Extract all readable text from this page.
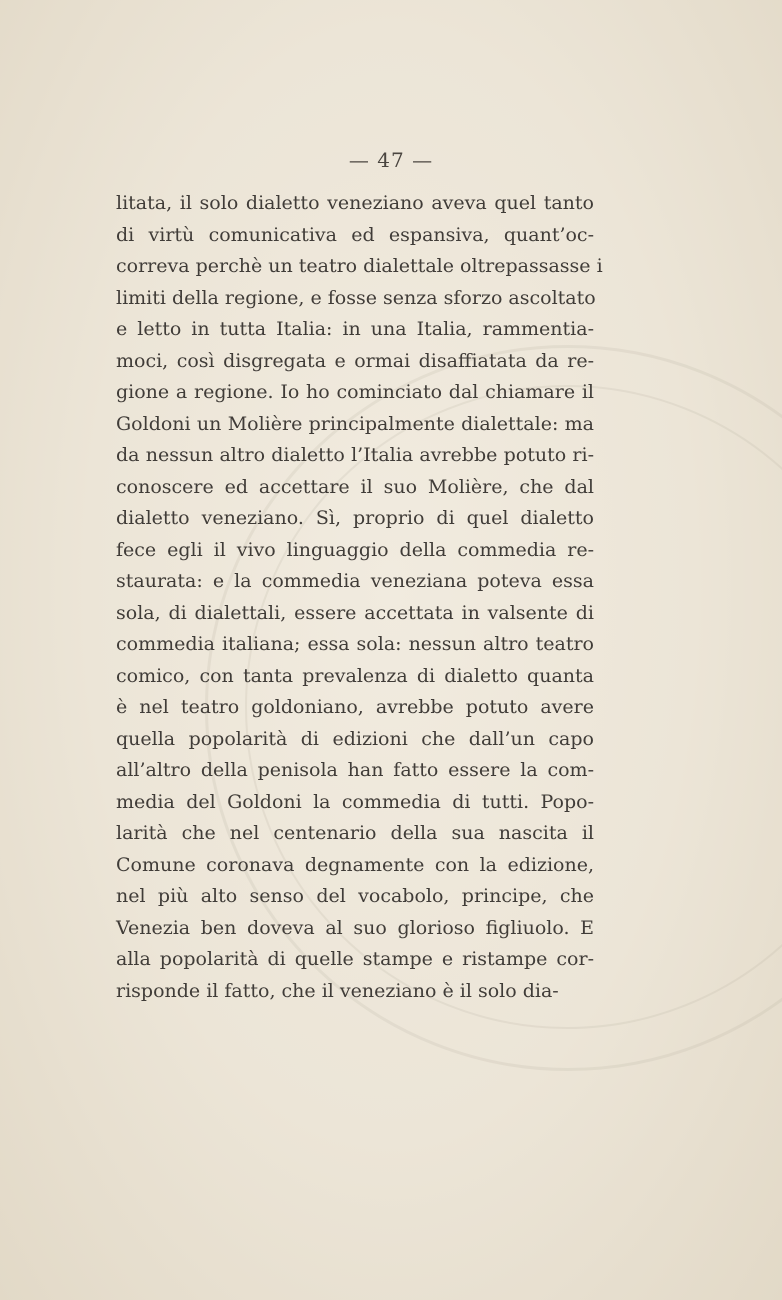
— 47 —
litata, il solo dialetto veneziano aveva quel tanto
di virtù comunicativa ed espansiva, quant’oc-
correva perchè un teatro dialettale oltrepassasse i
limiti della regione, e fosse senza sforzo ascoltato
e letto in tutta Italia: in una Italia, rammentia-
moci, così disgregata e ormai disaffiatata da re-
gione a regione. Io ho cominciato dal chiamare il
Goldoni un Molière principalmente dialettale: ma
da nessun altro dialetto l’Italia avrebbe potuto ri-
conoscere ed accettare il suo Molière, che dal
dialetto veneziano. Sì, proprio di quel dialetto
fece egli il vivo linguaggio della commedia re-
staurata: e la commedia veneziana poteva essa
sola, di dialettali, essere accettata in valsente di
commedia italiana; essa sola: nessun altro teatro
comico, con tanta prevalenza di dialetto quanta
è nel teatro goldoniano, avrebbe potuto avere
quella popolarità di edizioni che dall’un capo
all’altro della penisola han fatto essere la com-
media del Goldoni la commedia di tutti. Popo-
larità che nel centenario della sua nascita il
Comune coronava degnamente con la edizione,
nel più alto senso del vocabolo, principe, che
Venezia ben doveva al suo glorioso figliuolo. E
alla popolarità di quelle stampe e ristampe cor-
risponde il fatto, che il veneziano è il solo dia-
